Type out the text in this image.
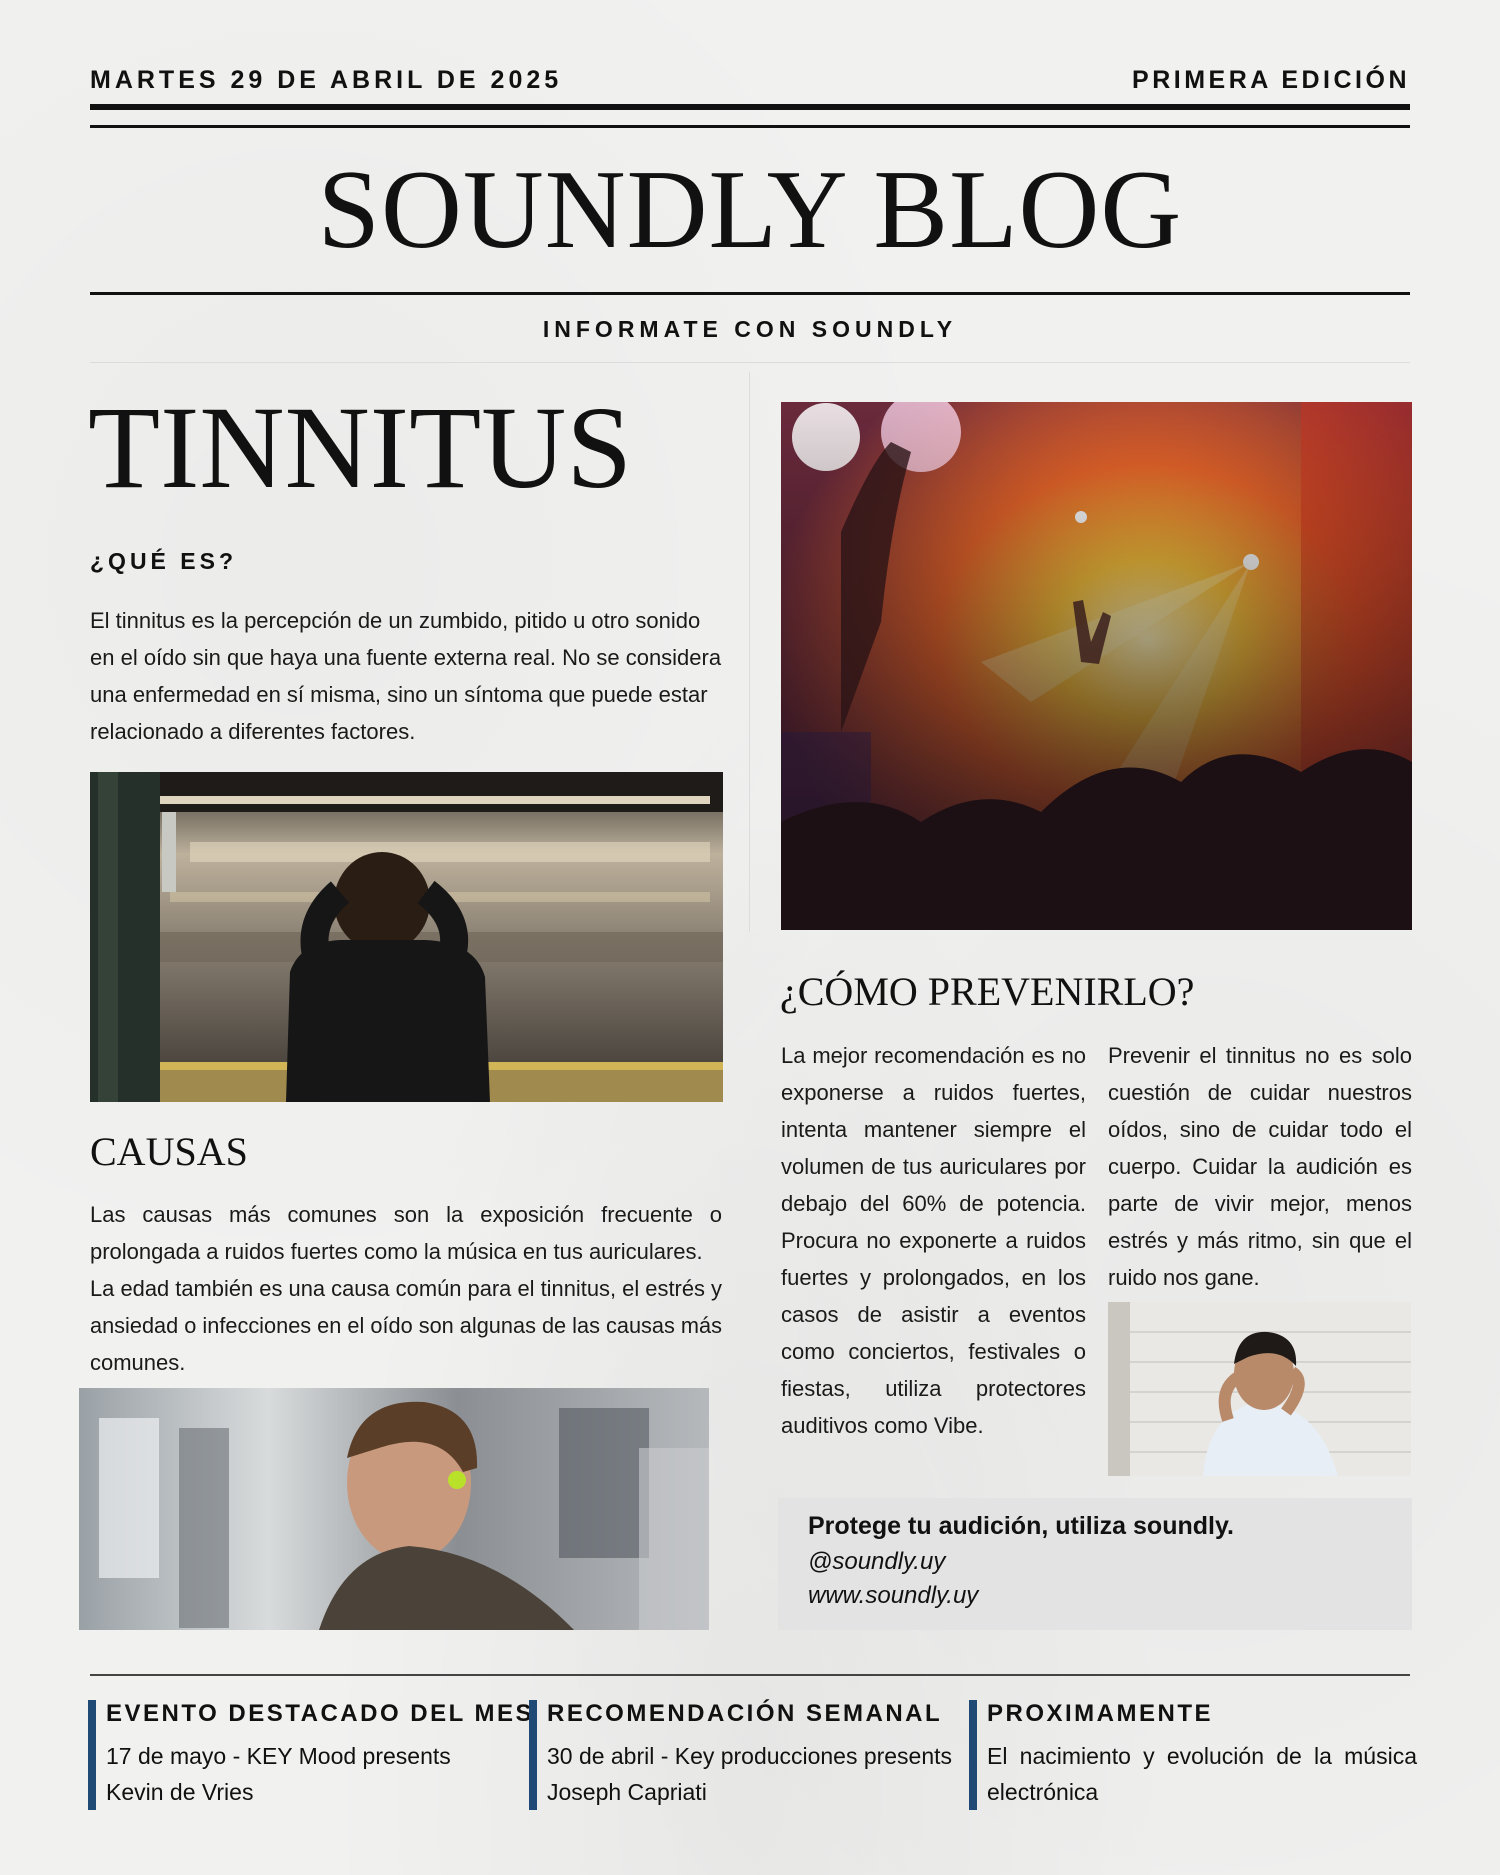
MARTES 29 DE ABRIL DE 2025	PRIMERA EDICIÓN
SOUNDLY BLOG
INFORMATE CON SOUNDLY
TINNITUS
¿QUÉ ES?
El tinnitus es la percepción de un zumbido, pitido u otro sonido
en el oído sin que haya una fuente externa real. No se considera
una enfermedad en sí misma, sino un síntoma que puede estar
relacionado a diferentes factores.
CAUSAS
Las causas más comunes son la exposición frecuente o
prolongada a ruidos fuertes como la música en tus auriculares.
La edad también es una causa común para el tinnitus, el estrés y
ansiedad o infecciones en el oído son algunas de las causas más
comunes.
¿CÓMO PREVENIRLO?
La mejor recomendación es no
exponerse a ruidos fuertes,
intenta mantener siempre el
volumen de tus auriculares por
debajo del 60% de potencia.
Procura no exponerte a ruidos
fuertes y prolongados, en los
casos de asistir a eventos
como conciertos, festivales o
fiestas, utiliza protectores
auditivos como Vibe.
Prevenir el tinnitus no es solo
cuestión de cuidar nuestros
oídos, sino de cuidar todo el
cuerpo. Cuidar la audición es
parte de vivir mejor, menos
estrés y más ritmo, sin que el
ruido nos gane.
Protege tu audición, utiliza soundly.
@soundly.uy
www.soundly.uy
EVENTO DESTACADO DEL MES
17 de mayo - KEY Mood presents
Kevin de Vries
RECOMENDACIÓN SEMANAL
30 de abril - Key producciones presents
Joseph Capriati
PROXIMAMENTE
El nacimiento y evolución de la música
electrónica
